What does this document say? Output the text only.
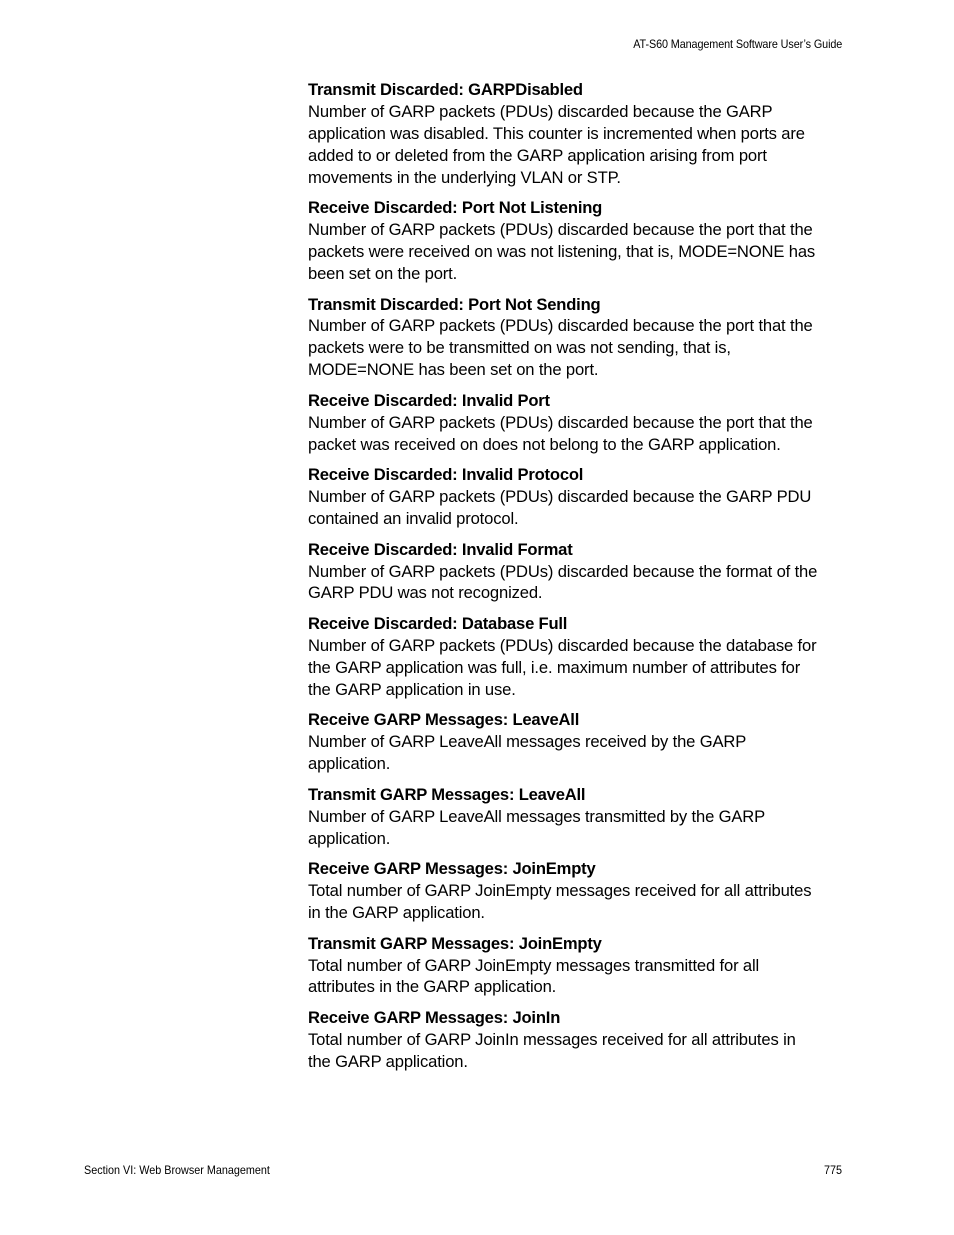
AT-S60 Management Software User’s Guide
Transmit Discarded: GARPDisabled

Number of GARP packets (PDUs) discarded because the GARP application was disabled. This counter is incremented when ports are added to or deleted from the GARP application arising from port movements in the underlying VLAN or STP.

Receive Discarded: Port Not Listening

Number of GARP packets (PDUs) discarded because the port that the packets were received on was not listening, that is, MODE=NONE has been set on the port.

Transmit Discarded: Port Not Sending

Number of GARP packets (PDUs) discarded because the port that the packets were to be transmitted on was not sending, that is, MODE=NONE has been set on the port.

Receive Discarded: Invalid Port

Number of GARP packets (PDUs) discarded because the port that the packet was received on does not belong to the GARP application.

Receive Discarded: Invalid Protocol

Number of GARP packets (PDUs) discarded because the GARP PDU contained an invalid protocol.

Receive Discarded: Invalid Format

Number of GARP packets (PDUs) discarded because the format of the GARP PDU was not recognized.

Receive Discarded: Database Full

Number of GARP packets (PDUs) discarded because the database for the GARP application was full, i.e. maximum number of attributes for the GARP application in use.

Receive GARP Messages: LeaveAll

Number of GARP LeaveAll messages received by the GARP application.

Transmit GARP Messages: LeaveAll

Number of GARP LeaveAll messages transmitted by the GARP application.

Receive GARP Messages: JoinEmpty

Total number of GARP JoinEmpty messages received for all attributes in the GARP application.

Transmit GARP Messages: JoinEmpty

Total number of GARP JoinEmpty messages transmitted for all attributes in the GARP application.

Receive GARP Messages: JoinIn

Total number of GARP JoinIn messages received for all attributes in the GARP application.

Section VI: Web Browser Management	775
